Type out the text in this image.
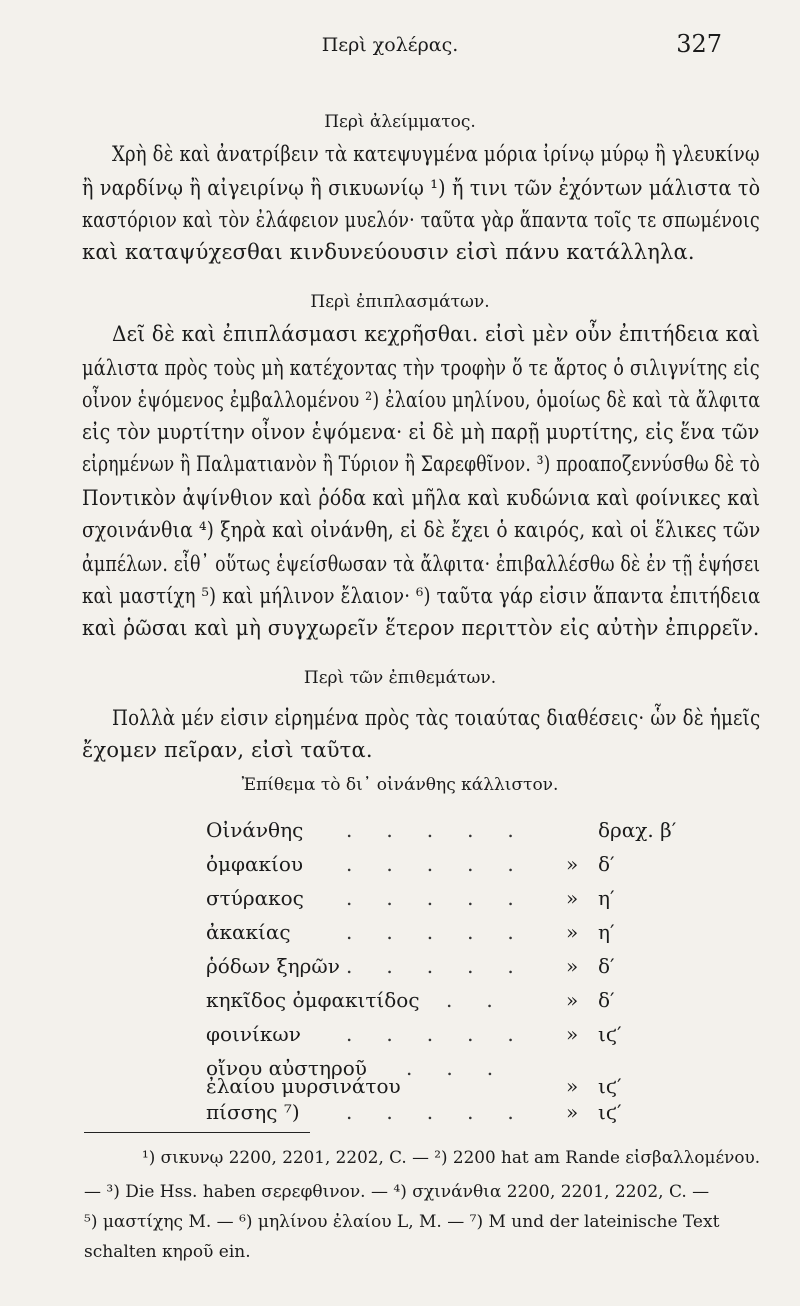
Περὶ χολέρας.	327
Περὶ ἀλείμματος.
Χρὴ δὲ καὶ ἀνατρίβειν τὰ κατεψυγμένα μόρια ἰρίνῳ μύρῳ ἢ γλευκίνῳ
ἢ ναρδίνῳ ἢ αἰγειρίνῳ ἢ σικυωνίῳ ¹) ἤ τινι τῶν ἐχόντων μάλιστα τὸ
καστόριον καὶ τὸν ἐλάφειον μυελόν· ταῦτα γὰρ ἅπαντα τοῖς τε σπωμένοις
καὶ καταψύχεσθαι κινδυνεύουσιν εἰσὶ πάνυ κατάλληλα.
Περὶ ἐπιπλασμάτων.
Δεῖ δὲ καὶ ἐπιπλάσμασι κεχρῆσθαι. εἰσὶ μὲν οὖν ἐπιτήδεια καὶ
μάλιστα πρὸς τοὺς μὴ κατέχοντας τὴν τροφὴν ὅ τε ἄρτος ὁ σιλιγνίτης εἰς
οἶνον ἑψόμενος ἐμβαλλομένου ²) ἐλαίου μηλίνου, ὁμοίως δὲ καὶ τὰ ἄλφιτα
εἰς τὸν μυρτίτην οἶνον ἑψόμενα· εἰ δὲ μὴ παρῇ μυρτίτης, εἰς ἕνα τῶν
εἰρημένων ἢ Παλματιανὸν ἢ Τύριον ἢ Σαρεφθῖνον. ³) προαποζεννύσθω δὲ τὸ
Ποντικὸν ἀψίνθιον καὶ ῥόδα καὶ μῆλα καὶ κυδώνια καὶ φοίνικες καὶ
σχοινάνθια ⁴) ξηρὰ καὶ οἰνάνθη, εἰ δὲ ἔχει ὁ καιρός, καὶ οἱ ἕλικες τῶν
ἀμπέλων. εἶθ᾽ οὕτως ἑψείσθωσαν τὰ ἄλφιτα· ἐπιβαλλέσθω δὲ ἐν τῇ ἑψήσει
καὶ μαστίχη ⁵) καὶ μήλινον ἔλαιον· ⁶) ταῦτα γάρ εἰσιν ἅπαντα ἐπιτήδεια
καὶ ῥῶσαι καὶ μὴ συγχωρεῖν ἕτερον περιττὸν εἰς αὐτὴν ἐπιρρεῖν.
Περὶ τῶν ἐπιθεμάτων.
Πολλὰ μέν εἰσιν εἰρημένα πρὸς τὰς τοιαύτας διαθέσεις· ὧν δὲ ἡμεῖς
ἔχομεν πεῖραν, εἰσὶ ταῦτα.
Ἐπίθεμα τὸ δι᾽ οἰνάνθης κάλλιστον.
Οἰνάνθης	.....	δραχ. β′
ὀμφακίου	..... » δ′
στύρακος	..... » η′
ἀκακίας	..... » η′
ῥόδων ξηρῶν ..... » δ′
κηκῖδος ὀμφακιτίδος	.. » δ′
φοινίκων	..... » ιϛ′
οἴνου αὐστηροῦ	...
ἐλαίου μυρσινάτου	» ιϛ′
πίσσης ⁷)	..... » ιϛ′
¹) σικυνῳ 2200, 2201, 2202, C. — ²) 2200 hat am Rande εἰσβαλλομένου.
— ³) Die Hss. haben σερεφθινον. — ⁴) σχινάνθια 2200, 2201, 2202, C. —
⁵) μαστίχης M. — ⁶) μηλίνου ἐλαίου L, M. — ⁷) M und der lateinische Text
schalten κηροῦ ein.
